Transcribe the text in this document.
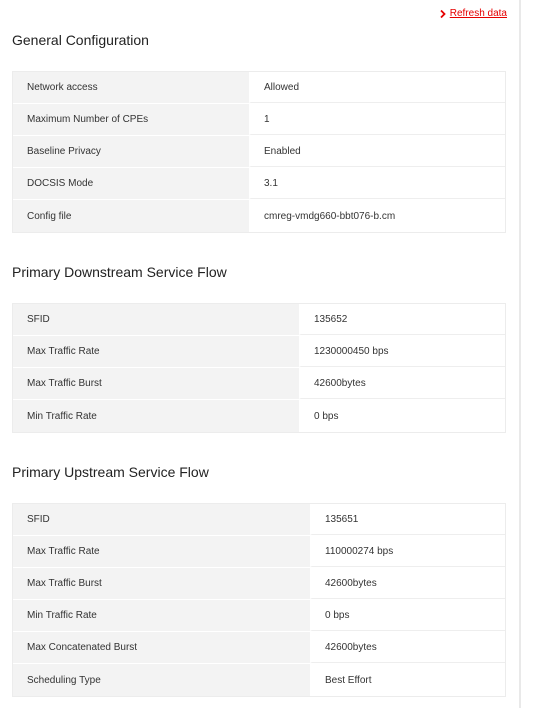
Refresh data
General Configuration
Network access	Allowed
Maximum Number of CPEs	1
Baseline Privacy	Enabled
DOCSIS Mode	3.1
Config file	cmreg-vmdg660-bbt076-b.cm
Primary Downstream Service Flow
SFID	135652
Max Traffic Rate	1230000450 bps
Max Traffic Burst	42600bytes
Min Traffic Rate	0 bps
Primary Upstream Service Flow
SFID	135651
Max Traffic Rate	110000274 bps
Max Traffic Burst	42600bytes
Min Traffic Rate	0 bps
Max Concatenated Burst	42600bytes
Scheduling Type	Best Effort
